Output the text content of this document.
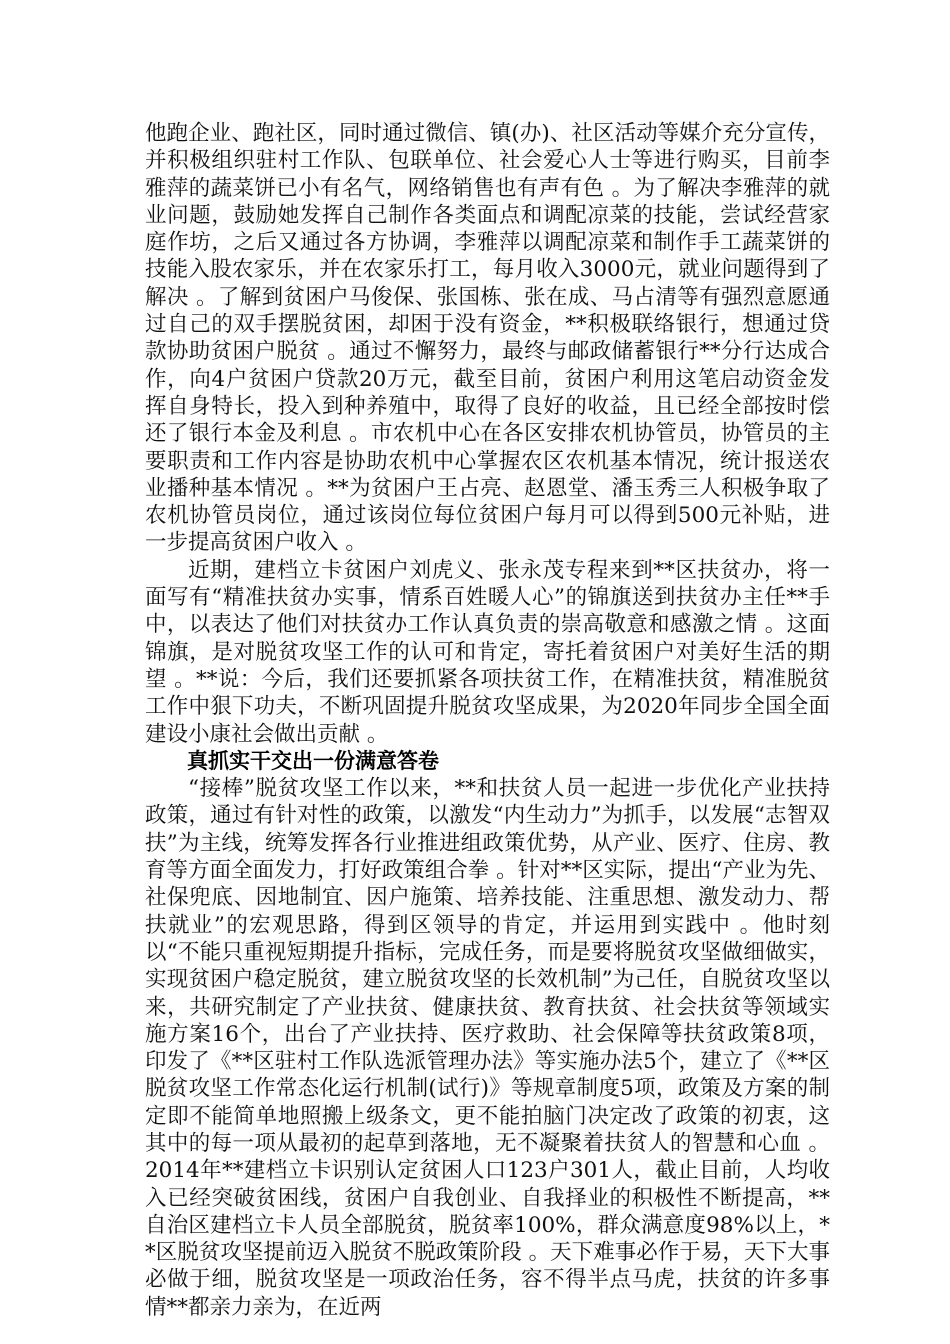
他跑企业、跑社区，同时通过微信、镇(办)、社区活动等媒介充分宣传，并积极组织驻村工作队、包联单位、社会爱心人士等进行购买，目前李雅萍的蔬菜饼已小有名气，网络销售也有声有色 。为了解决李雅萍的就业问题，鼓励她发挥自己制作各类面点和调配凉菜的技能，尝试经营家庭作坊，之后又通过各方协调，李雅萍以调配凉菜和制作手工蔬菜饼的技能入股农家乐，并在农家乐打工，每月收入3000元，就业问题得到了解决 。了解到贫困户马俊保、张国栋、张在成、马占清等有强烈意愿通过自己的双手摆脱贫困，却困于没有资金，**积极联络银行，想通过贷款协助贫困户脱贫 。通过不懈努力，最终与邮政储蓄银行**分行达成合作，向4户贫困户贷款20万元，截至目前，贫困户利用这笔启动资金发挥自身特长，投入到种养殖中，取得了良好的收益，且已经全部按时偿还了银行本金及利息 。市农机中心在各区安排农机协管员，协管员的主要职责和工作内容是协助农机中心掌握农区农机基本情况，统计报送农业播种基本情况 。**为贫困户王占亮、赵恩堂、潘玉秀三人积极争取了农机协管员岗位，通过该岗位每位贫困户每月可以得到500元补贴，进一步提高贫困户收入 。

近期，建档立卡贫困户刘虎义、张永茂专程来到**区扶贫办，将一面写有“精准扶贫办实事，情系百姓暖人心”的锦旗送到扶贫办主任**手中，以表达了他们对扶贫办工作认真负责的崇高敬意和感激之情 。这面锦旗，是对脱贫攻坚工作的认可和肯定，寄托着贫困户对美好生活的期望 。**说：今后，我们还要抓紧各项扶贫工作，在精准扶贫，精准脱贫工作中狠下功夫，不断巩固提升脱贫攻坚成果，为2020年同步全国全面建设小康社会做出贡献 。

真抓实干交出一份满意答卷

“接棒”脱贫攻坚工作以来，**和扶贫人员一起进一步优化产业扶持政策，通过有针对性的政策，以激发“内生动力”为抓手，以发展“志智双扶”为主线，统筹发挥各行业推进组政策优势，从产业、医疗、住房、教育等方面全面发力，打好政策组合拳 。针对**区实际，提出“产业为先、社保兜底、因地制宜、因户施策、培养技能、注重思想、激发动力、帮扶就业”的宏观思路，得到区领导的肯定，并运用到实践中 。他时刻以“不能只重视短期提升指标，完成任务，而是要将脱贫攻坚做细做实，实现贫困户稳定脱贫，建立脱贫攻坚的长效机制”为己任，自脱贫攻坚以来，共研究制定了产业扶贫、健康扶贫、教育扶贫、社会扶贫等领域实施方案16个，出台了产业扶持、医疗救助、社会保障等扶贫政策8项，印发了《**区驻村工作队选派管理办法》等实施办法5个，建立了《**区脱贫攻坚工作常态化运行机制(试行)》等规章制度5项，政策及方案的制定即不能简单地照搬上级条文，更不能拍脑门决定改了政策的初衷，这其中的每一项从最初的起草到落地，无不凝聚着扶贫人的智慧和心血 。2014年**建档立卡识别认定贫困人口123户301人，截止目前，人均收入已经突破贫困线，贫困户自我创业、自我择业的积极性不断提高，**自治区建档立卡人员全部脱贫，脱贫率100%，群众满意度98%以上，**区脱贫攻坚提前迈入脱贫不脱政策阶段 。天下难事必作于易，天下大事必做于细，脱贫攻坚是一项政治任务，容不得半点马虎，扶贫的许多事情**都亲力亲为，在近两
